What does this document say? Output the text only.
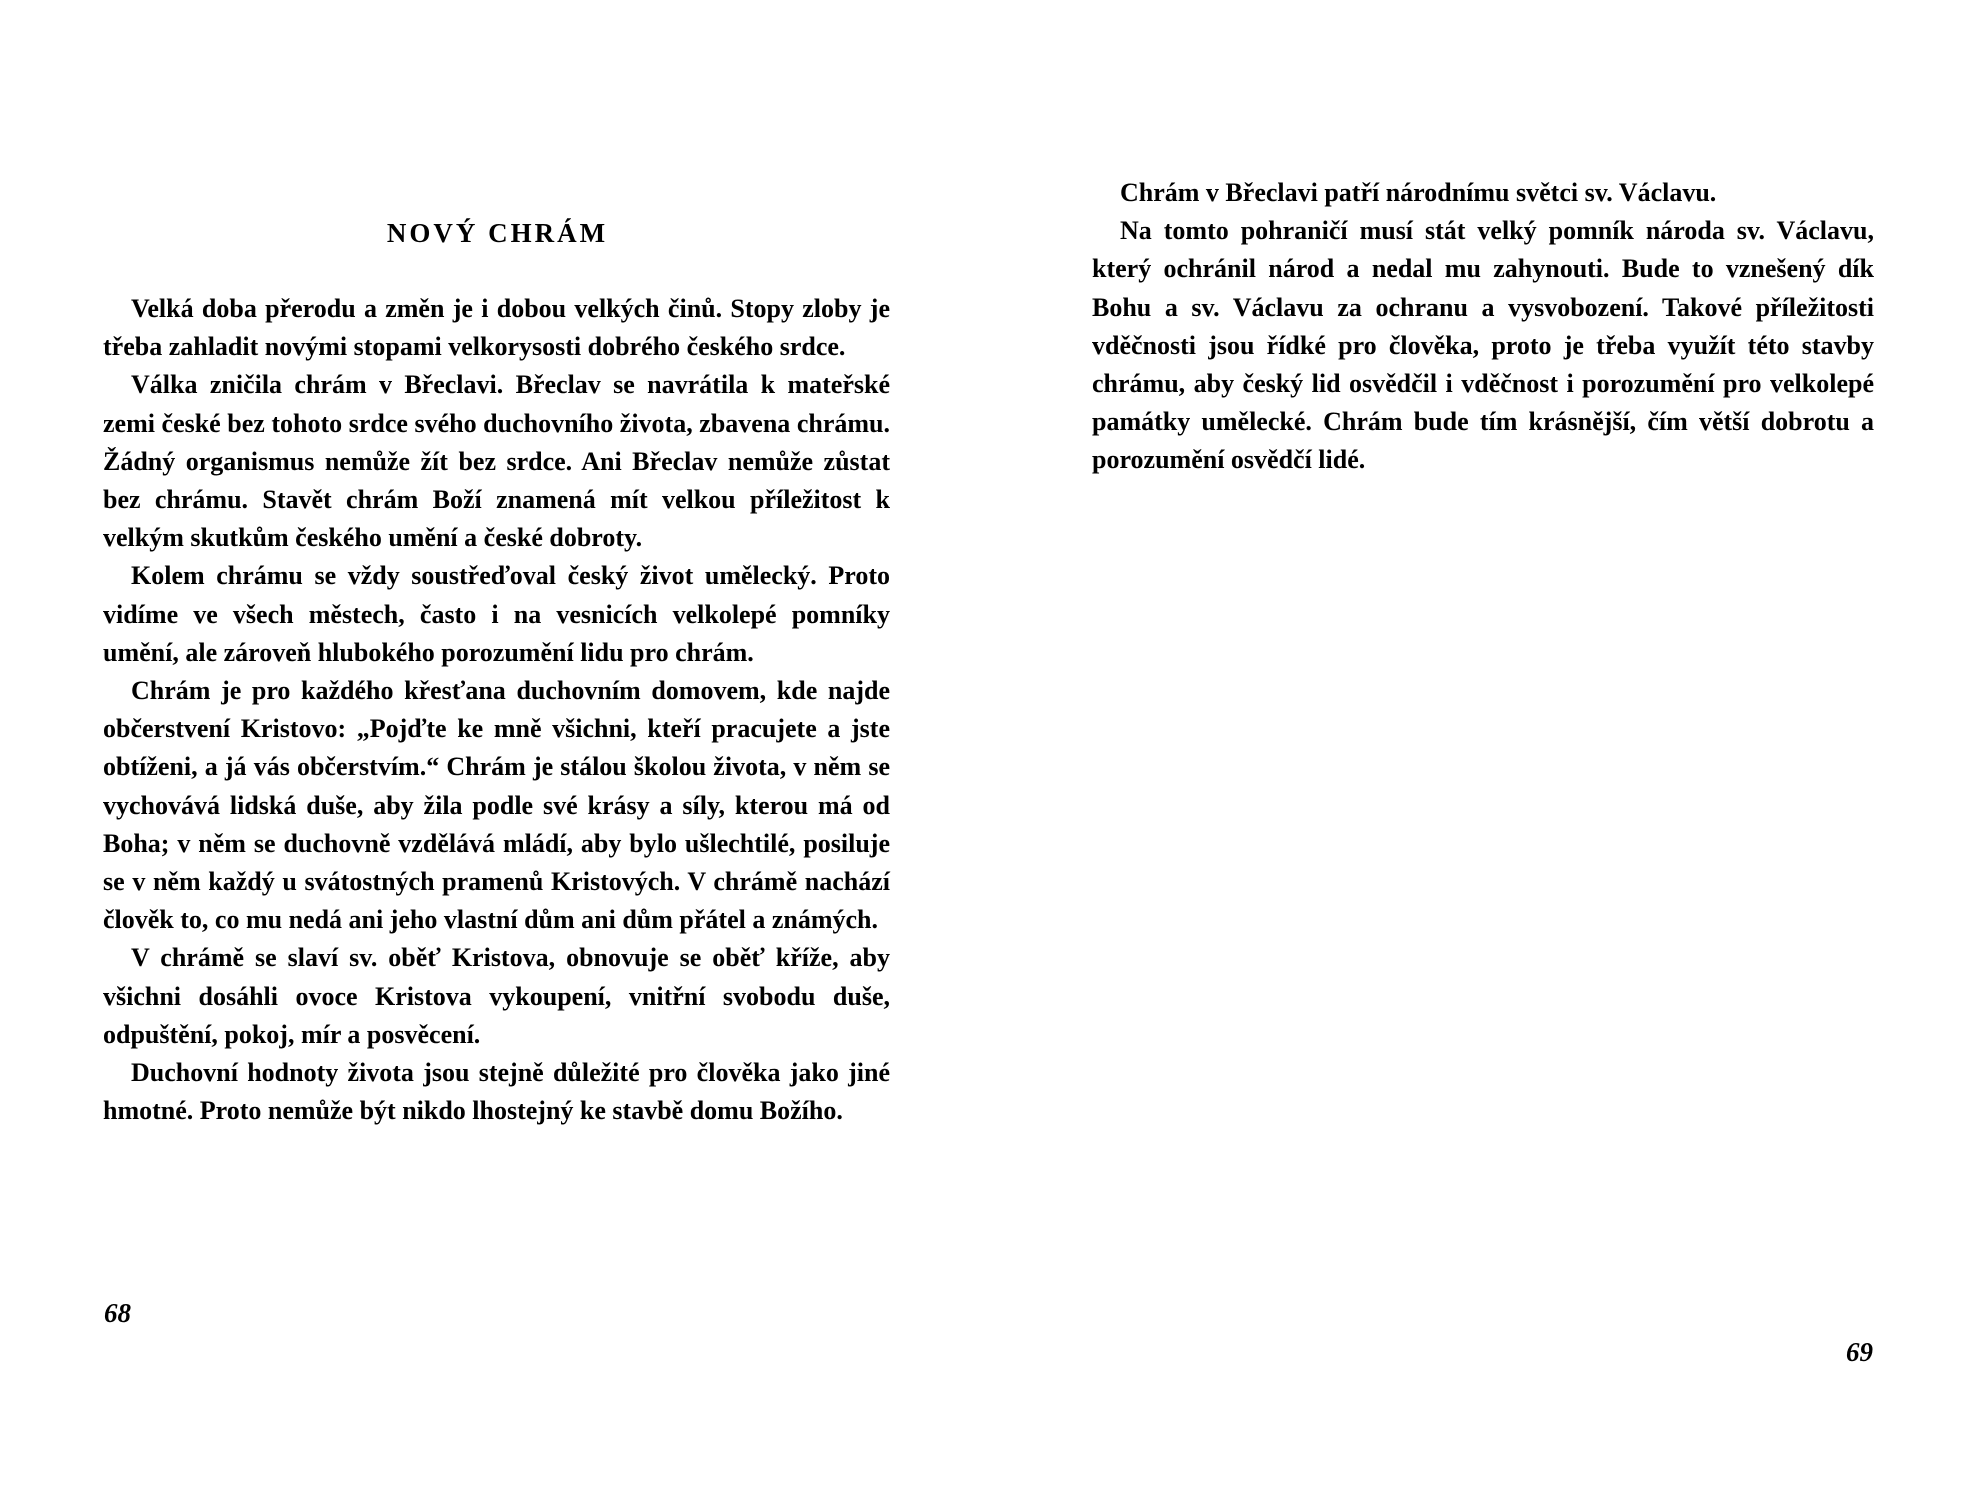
NOVÝ CHRÁM

Velká doba přerodu a změn je i dobou velkých činů. Stopy zloby je třeba zahladit novými stopami velkorysosti dobrého českého srdce.

Válka zničila chrám v Břeclavi. Břeclav se navrátila k mateřské zemi české bez tohoto srdce svého duchovního života, zbavena chrámu. Žádný organismus nemůže žít bez srdce. Ani Břeclav nemůže zůstat bez chrámu. Stavět chrám Boží znamená mít velkou příležitost k velkým skutkům českého umění a české dobroty.

Kolem chrámu se vždy soustřeďoval český život umělecký. Proto vidíme ve všech městech, často i na vesnicích velkolepé pomníky umění, ale zároveň hlubokého porozumění lidu pro chrám.

Chrám je pro každého křesťana duchovním domovem, kde najde občerstvení Kristovo: „Pojďte ke mně všichni, kteří pracujete a jste obtíženi, a já vás občerstvím.“ Chrám je stálou školou života, v něm se vychovává lidská duše, aby žila podle své krásy a síly, kterou má od Boha; v něm se duchovně vzdělává mládí, aby bylo ušlechtilé, posiluje se v něm každý u svátostných pramenů Kristových. V chrámě nachází člověk to, co mu nedá ani jeho vlastní dům ani dům přátel a známých.

V chrámě se slaví sv. oběť Kristova, obnovuje se oběť kříže, aby všichni dosáhli ovoce Kristova vykoupení, vnitřní svobodu duše, odpuštění, pokoj, mír a posvěcení.

Duchovní hodnoty života jsou stejně důležité pro člověka jako jiné hmotné. Proto nemůže být nikdo lhostejný ke stavbě domu Božího.

68

Chrám v Břeclavi patří národnímu světci sv. Václavu.

Na tomto pohraničí musí stát velký pomník národa sv. Václavu, který ochránil národ a nedal mu zahynouti. Bude to vznešený dík Bohu a sv. Václavu za ochranu a vysvobození. Takové příležitosti vděčnosti jsou řídké pro člověka, proto je třeba využít této stavby chrámu, aby český lid osvědčil i vděčnost i porozumění pro velkolepé památky umělecké. Chrám bude tím krásnější, čím větší dobrotu a porozumění osvědčí lidé.

69
